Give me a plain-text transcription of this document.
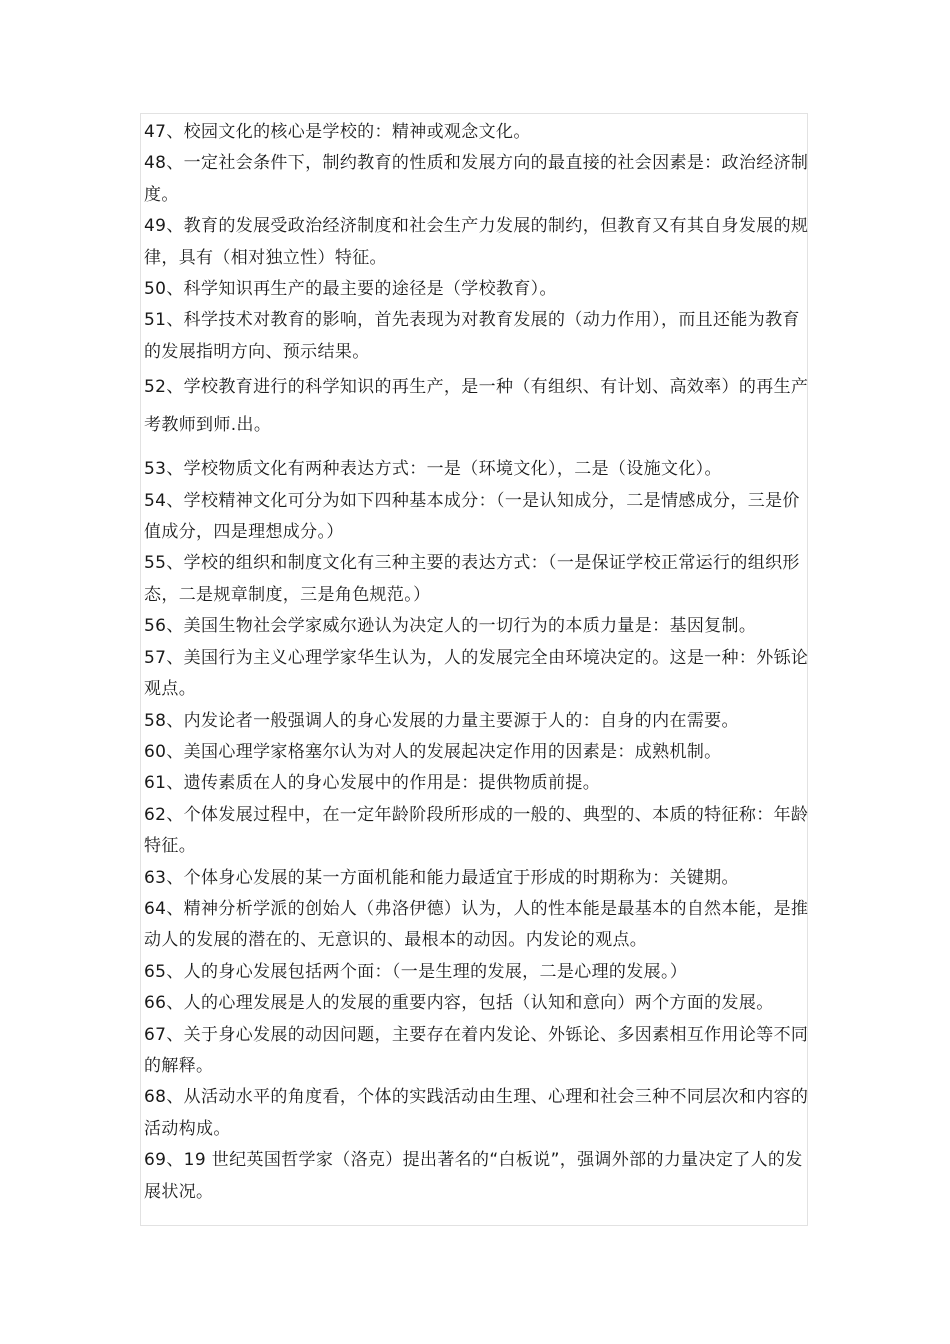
47、校园文化的核心是学校的：精神或观念文化。
48、一定社会条件下，制约教育的性质和发展方向的最直接的社会因素是：政治经济制度。
49、教育的发展受政治经济制度和社会生产力发展的制约，但教育又有其自身发展的规律，具有（相对独立性）特征。
50、科学知识再生产的最主要的途径是（学校教育）。
51、科学技术对教育的影响，首先表现为对教育发展的（动力作用），而且还能为教育的发展指明方向、预示结果。
52、学校教育进行的科学知识的再生产，是一种（有组织、有计划、高效率）的再生产考教师到师.出。
53、学校物质文化有两种表达方式：一是（环境文化），二是（设施文化）。
54、学校精神文化可分为如下四种基本成分：（一是认知成分，二是情感成分，三是价值成分，四是理想成分。）
55、学校的组织和制度文化有三种主要的表达方式：（一是保证学校正常运行的组织形态，二是规章制度，三是角色规范。）
56、美国生物社会学家威尔逊认为决定人的一切行为的本质力量是：基因复制。
57、美国行为主义心理学家华生认为，人的发展完全由环境决定的。这是一种：外铄论观点。
58、内发论者一般强调人的身心发展的力量主要源于人的：自身的内在需要。
60、美国心理学家格塞尔认为对人的发展起决定作用的因素是：成熟机制。
61、遗传素质在人的身心发展中的作用是：提供物质前提。
62、个体发展过程中，在一定年龄阶段所形成的一般的、典型的、本质的特征称：年龄特征。
63、个体身心发展的某一方面机能和能力最适宜于形成的时期称为：关键期。
64、精神分析学派的创始人（弗洛伊德）认为，人的性本能是最基本的自然本能，是推动人的发展的潜在的、无意识的、最根本的动因。内发论的观点。
65、人的身心发展包括两个面：（一是生理的发展，二是心理的发展。）
66、人的心理发展是人的发展的重要内容，包括（认知和意向）两个方面的发展。
67、关于身心发展的动因问题，主要存在着内发论、外铄论、多因素相互作用论等不同的解释。
68、从活动水平的角度看，个体的实践活动由生理、心理和社会三种不同层次和内容的活动构成。
69、19 世纪英国哲学家（洛克）提出著名的“白板说”，强调外部的力量决定了人的发展状况。
